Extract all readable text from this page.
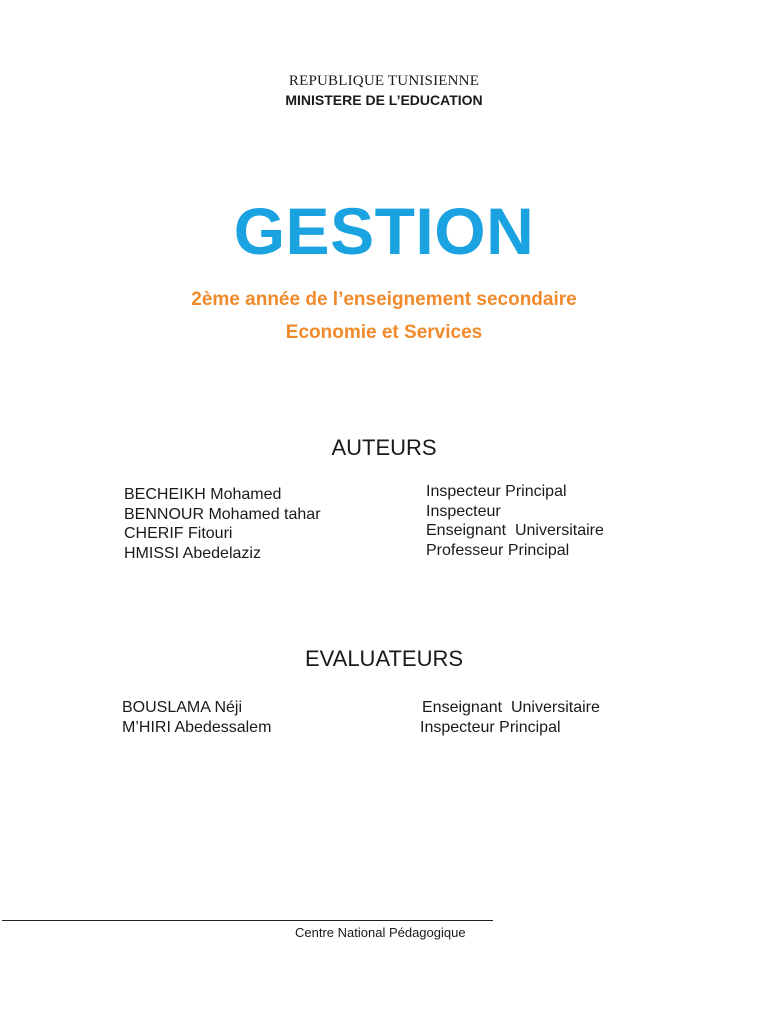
REPUBLIQUE TUNISIENNE
MINISTERE DE L’EDUCATION
GESTION
2ème année de l’enseignement secondaire
Economie et Services
AUTEURS
BECHEIKH Mohamed
BENNOUR Mohamed tahar
CHERIF Fitouri
HMISSI Abedelaziz
Inspecteur Principal
Inspecteur
Enseignant  Universitaire
Professeur Principal
EVALUATEURS
BOUSLAMA Néji
M’HIRI Abedessalem
Enseignant  Universitaire
Inspecteur Principal
Centre National Pédagogique
